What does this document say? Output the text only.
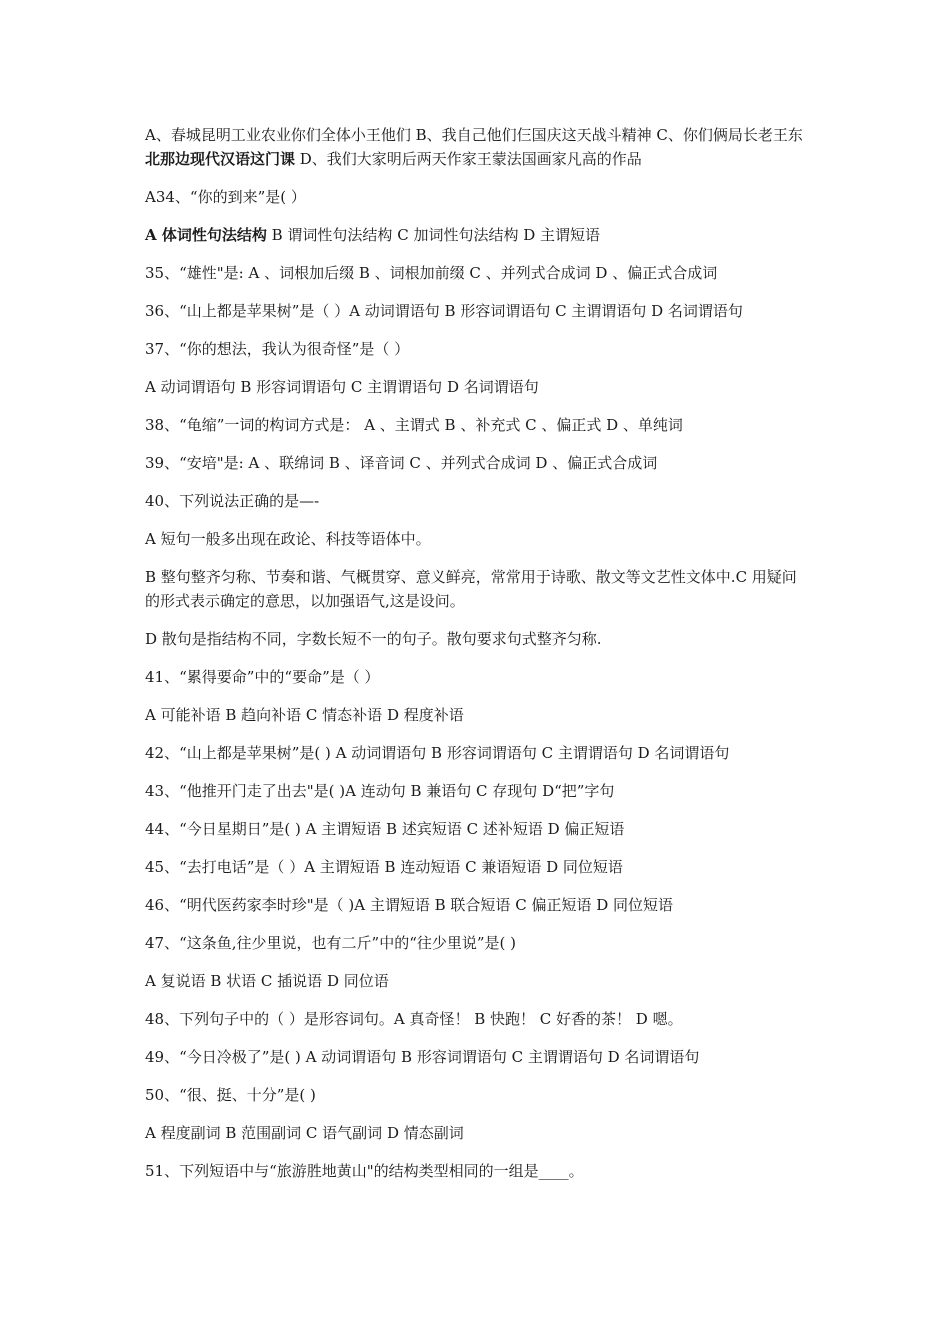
A、春城昆明工业农业你们全体小王他们 B、我自己他们仨国庆这天战斗精神 C、你们俩局长老王东北那边现代汉语这门课 D、我们大家明后两天作家王蒙法国画家凡高的作品

A34、“你的到来”是( ）

A 体词性句法结构 B 谓词性句法结构 C 加词性句法结构 D 主谓短语

35、“雄性"是: A 、词根加后缀 B 、词根加前缀 C 、并列式合成词 D 、偏正式合成词

36、“山上都是苹果树”是（ ）A 动词谓语句 B 形容词谓语句 C 主谓谓语句 D 名词谓语句

37、“你的想法，我认为很奇怪”是（ ）

A 动词谓语句 B 形容词谓语句 C 主谓谓语句 D 名词谓语句

38、“龟缩”一词的构词方式是： A 、主谓式 B 、补充式 C 、偏正式 D 、单纯词

39、“安培"是: A 、联绵词 B 、译音词 C 、并列式合成词 D 、偏正式合成词

40、下列说法正确的是—-

A 短句一般多出现在政论、科技等语体中。

B 整句整齐匀称、节奏和谐、气概贯穿、意义鲜亮，常常用于诗歌、散文等文艺性文体中.C 用疑问的形式表示确定的意思，以加强语气,这是设问。

D 散句是指结构不同，字数长短不一的句子。散句要求句式整齐匀称.

41、“累得要命”中的“要命”是（ ）

A 可能补语 B 趋向补语 C 情态补语 D 程度补语

42、“山上都是苹果树”是( ) A 动词谓语句 B 形容词谓语句 C 主谓谓语句 D 名词谓语句

43、“他推开门走了出去"是( )A 连动句 B 兼语句 C 存现句 D“把”字句

44、“今日星期日”是( ) A 主谓短语 B 述宾短语 C 述补短语 D 偏正短语

45、“去打电话”是（ ）A 主谓短语 B 连动短语 C 兼语短语 D 同位短语

46、“明代医药家李时珍"是（ )A 主谓短语 B 联合短语 C 偏正短语 D 同位短语

47、“这条鱼,往少里说，也有二斤”中的“往少里说”是( )

A 复说语 B 状语 C 插说语 D 同位语

48、下列句子中的（ ）是形容词句。A 真奇怪！ B 快跑！ C 好香的茶！ D 嗯。

49、“今日冷极了”是( ) A 动词谓语句 B 形容词谓语句 C 主谓谓语句 D 名词谓语句

50、“很、挺、十分”是( )

A 程度副词 B 范围副词 C 语气副词 D 情态副词

51、下列短语中与“旅游胜地黄山"的结构类型相同的一组是____。
